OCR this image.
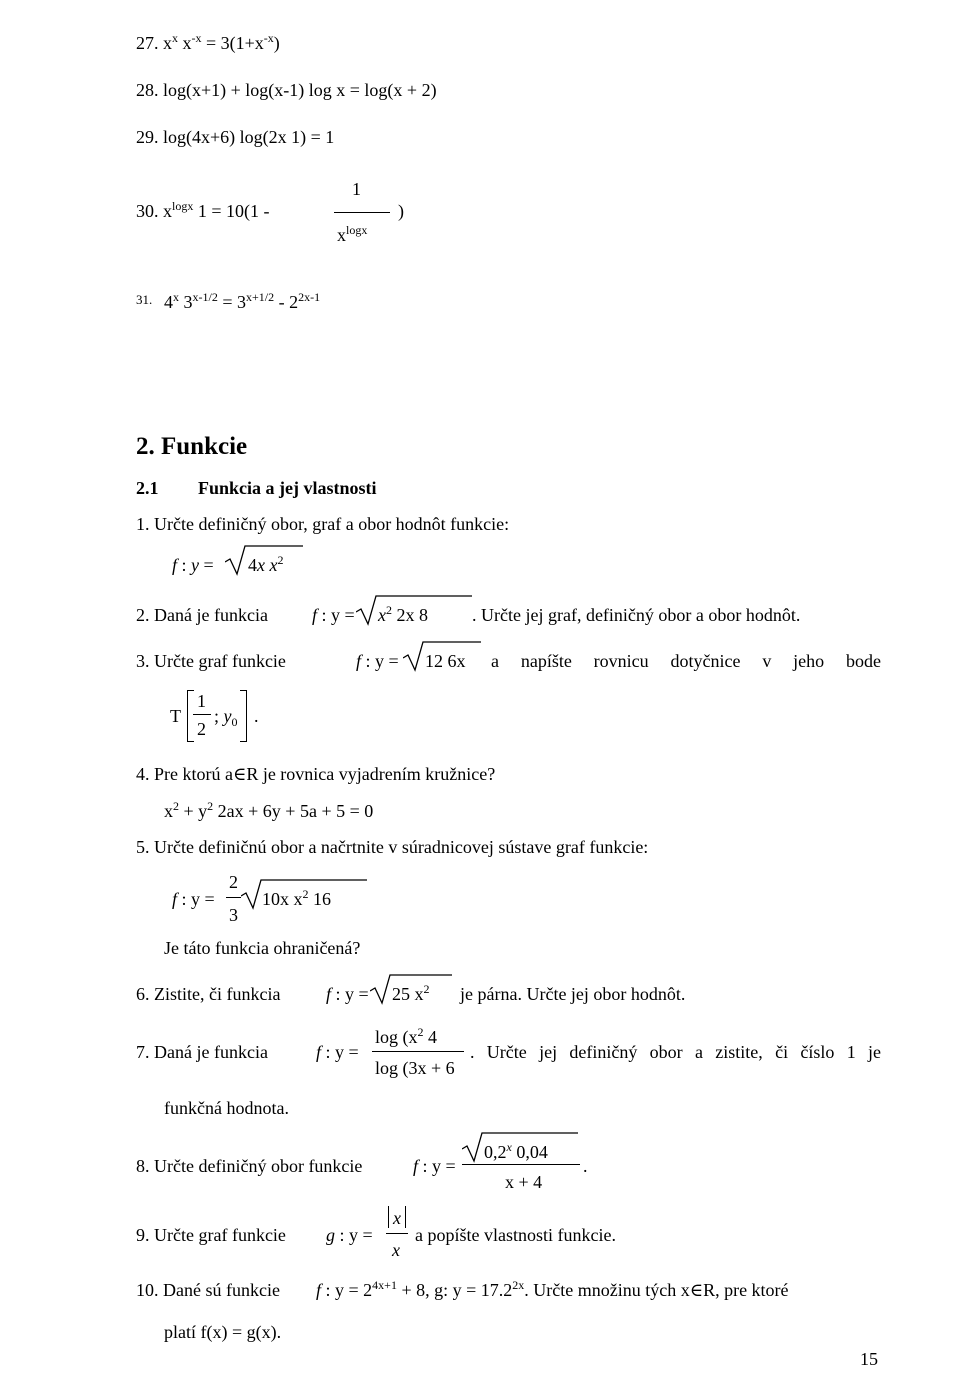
27. $x^x$ $x^{-x} = 3(1+x^{-x})$
28. log(x+1) + log(x-1) log x = log(x + 2)
29. log(4x+6) log(2x 1) = 1
30. $x^{logx}$ 1 = 10(1 -
1
$x^{logx}$
)
31. 4$^x$ $3^{x-1/2} = 3^{x+1/2} - 2^{2x-1}$
2. Funkcie
2.1 Funkcia a jej vlastnosti
1. Určte definičný obor, graf a obor hodnôt funkcie:
f : y = 4x $x^2$
2. Daná je funkcia f : $y = x^2$ 2x 8 . Určte jej graf, definičný obor a obor hodnôt.
3. Určte graf funkcie	f : y = 12 6x a napíšte rovnicu dotyčnice v jeho bode
T
1
2
; $y_0$ .
4. Pre ktorú a∈R je rovnica vyjadrením kružnice?
$x^2 + y^2$ 2ax + 6y + 5a + 5 = 0
5. Určte definičnú obor a načrtnite v súradnicovej sústave graf funkcie:
f : y =
2
3
10x $x^2$ 16
Je táto funkcia ohraničená?
6. Zistite, či funkcia	f : y = 25 $x^2$ je párna. Určte jej obor hodnôt.
7. Daná je funkcia	f : y =
$\log (x^2$ 4
log (3x + 6
. Určte jej definičný obor a zistite, či číslo 1 je
funkčná hodnota.
8. Určte definičný obor funkcie	f : y =
$0,2^x$ 0,04
x + 4
.
9. Určte graf funkcie g : y =
x
x
a popíšte vlastnosti funkcie.
10. Dané sú funkcie f : $y = 2^{4x+1} + 8$, g: $y = 17.2^{2x}$. Určte množinu tých x∈R, pre ktoré
platí f(x) = g(x).
15
